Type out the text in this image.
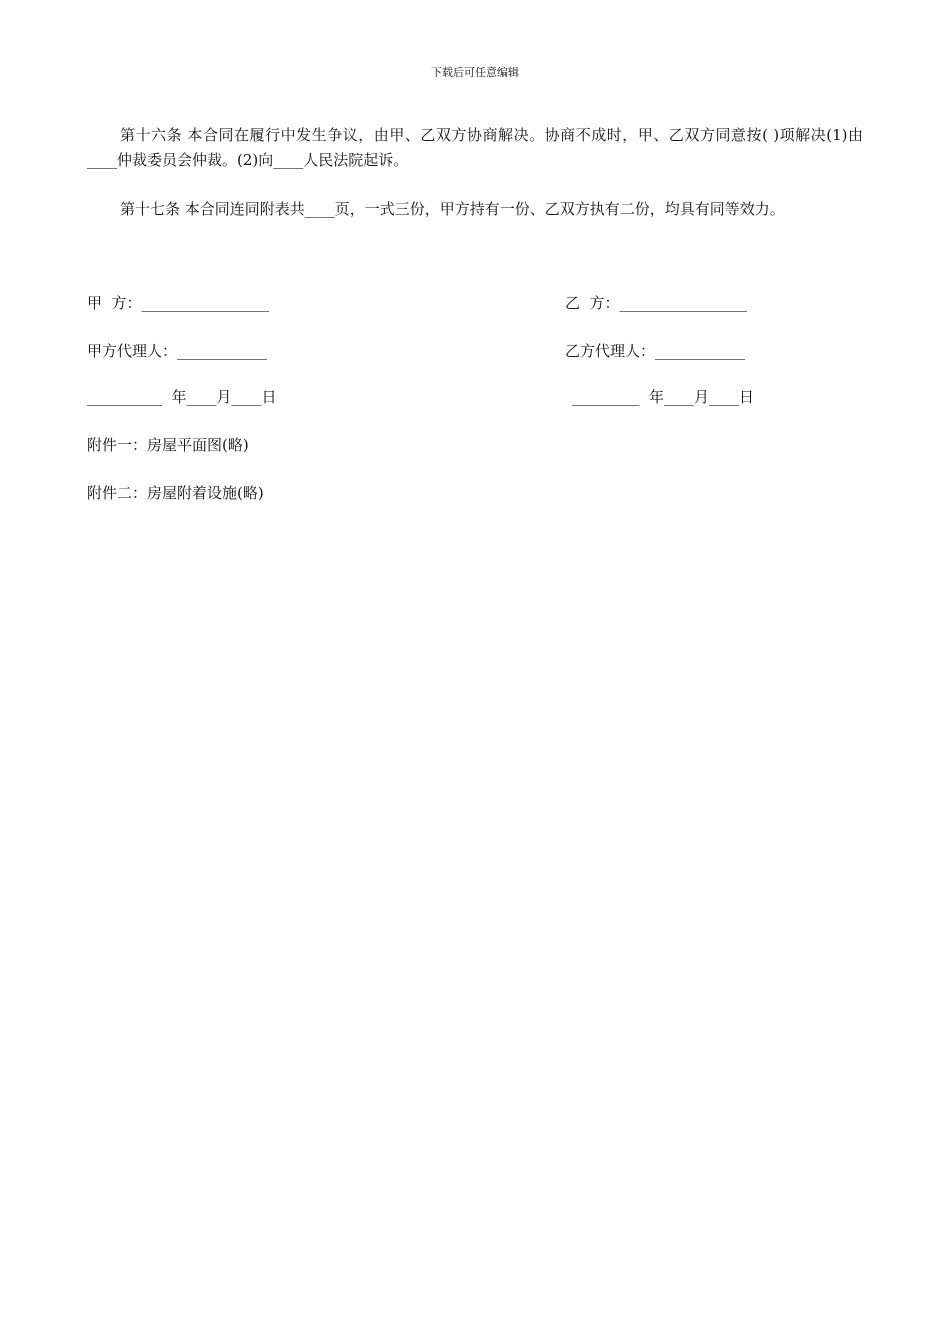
下载后可任意编辑

第十六条 本合同在履行中发生争议，由甲、乙双方协商解决。协商不成时，甲、乙双方同意按( )项解决(1)由____仲裁委员会仲裁。(2)向____人民法院起诉。

第十七条 本合同连同附表共____页，一式三份，甲方持有一份、乙双方执有二份，均具有同等效力。

甲  方：_________________	乙  方：_________________
甲方代理人：____________	乙方代理人：____________
__________  年____月____日	_________  年____月____日
附件一：房屋平面图(略)
附件二：房屋附着设施(略)
